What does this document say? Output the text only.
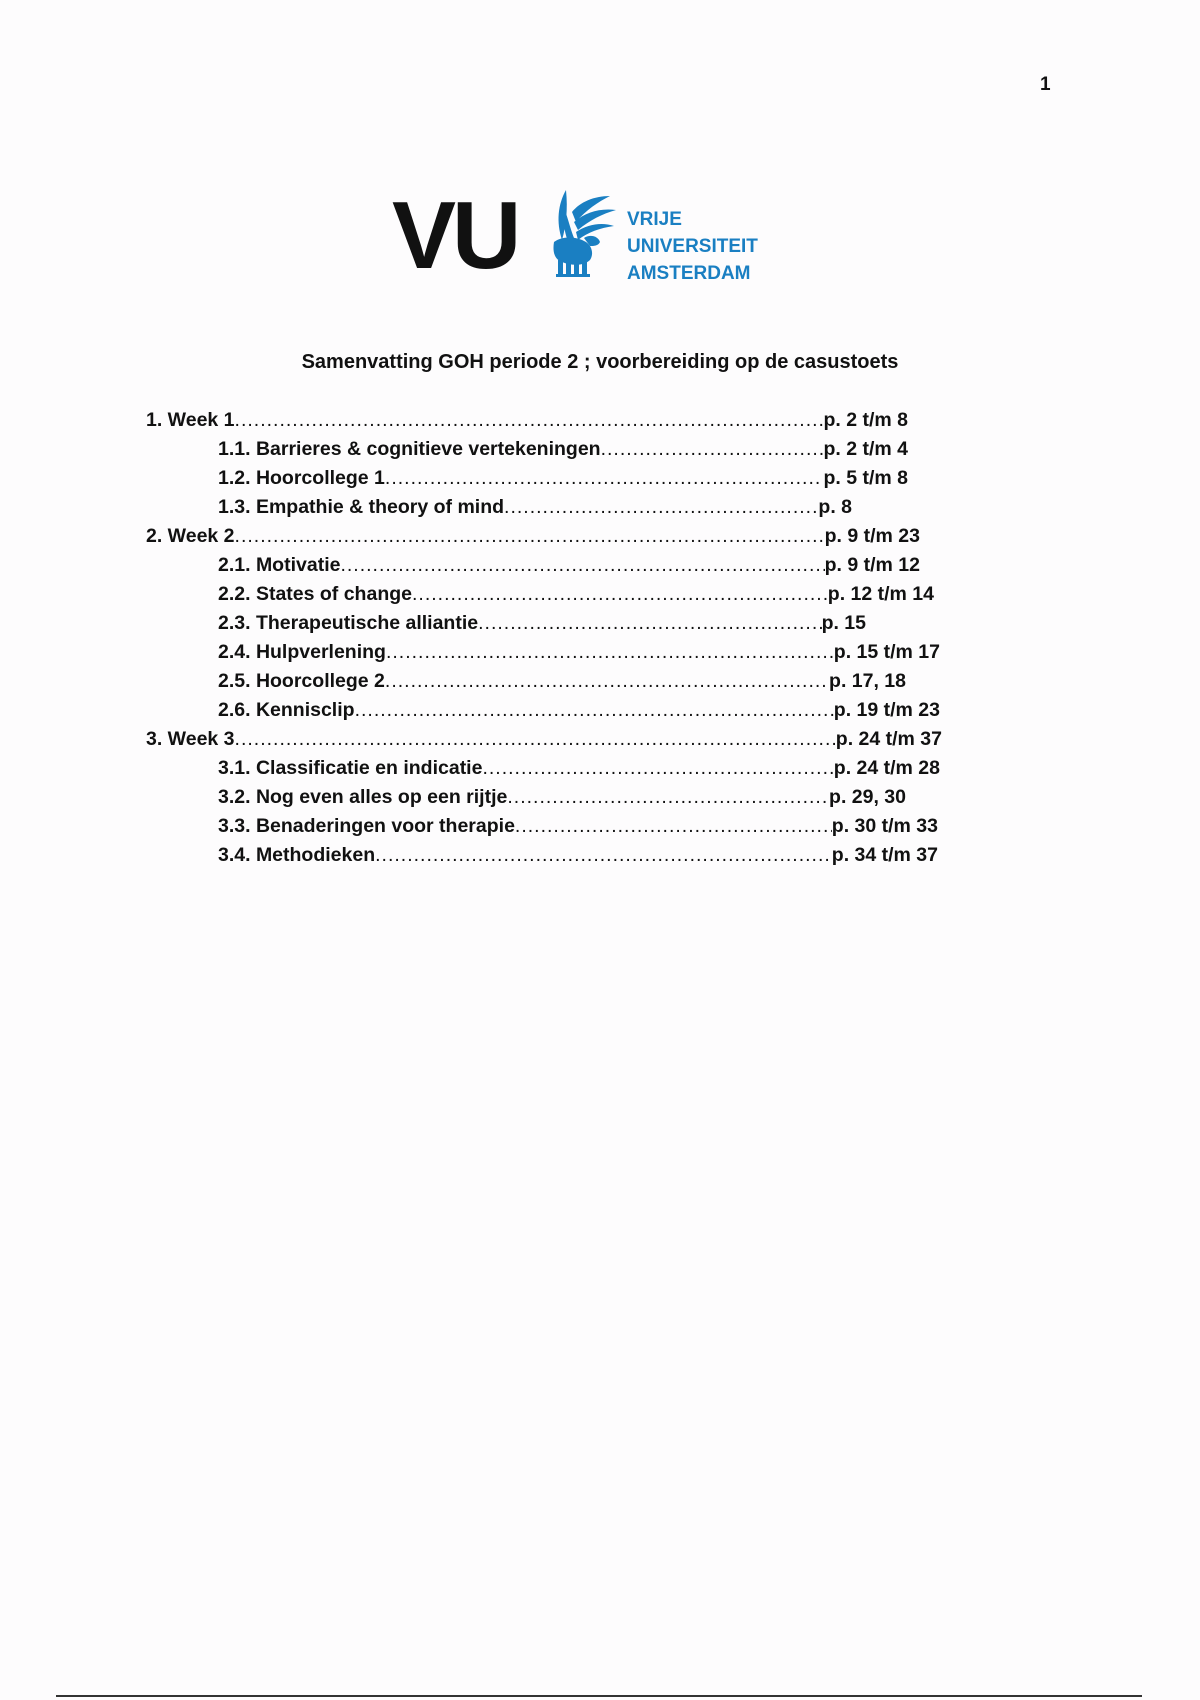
1
VU	VRIJE
UNIVERSITEIT
AMSTERDAM
Samenvatting GOH periode 2 ; voorbereiding op de casustoets
1. Week 1 .....	p. 2 t/m 8
1.1. Barrieres & cognitieve vertekeningen .....	p. 2 t/m 4
1.2. Hoorcollege 1 .....	p. 5 t/m 8
1.3. Empathie & theory of mind .....	p. 8
2. Week 2 .....	p. 9 t/m 23
2.1. Motivatie .....	p. 9 t/m 12
2.2. States of change .....	p. 12 t/m 14
2.3. Therapeutische alliantie .....	p. 15
2.4. Hulpverlening .....	p. 15 t/m 17
2.5. Hoorcollege 2 .....	p. 17, 18
2.6. Kennisclip .....	p. 19 t/m 23
3. Week 3 .....	p. 24 t/m 37
3.1. Classificatie en indicatie .....	p. 24 t/m 28
3.2. Nog even alles op een rijtje .....	p. 29, 30
3.3. Benaderingen voor therapie .....	p. 30 t/m 33
3.4. Methodieken .....	p. 34 t/m 37
